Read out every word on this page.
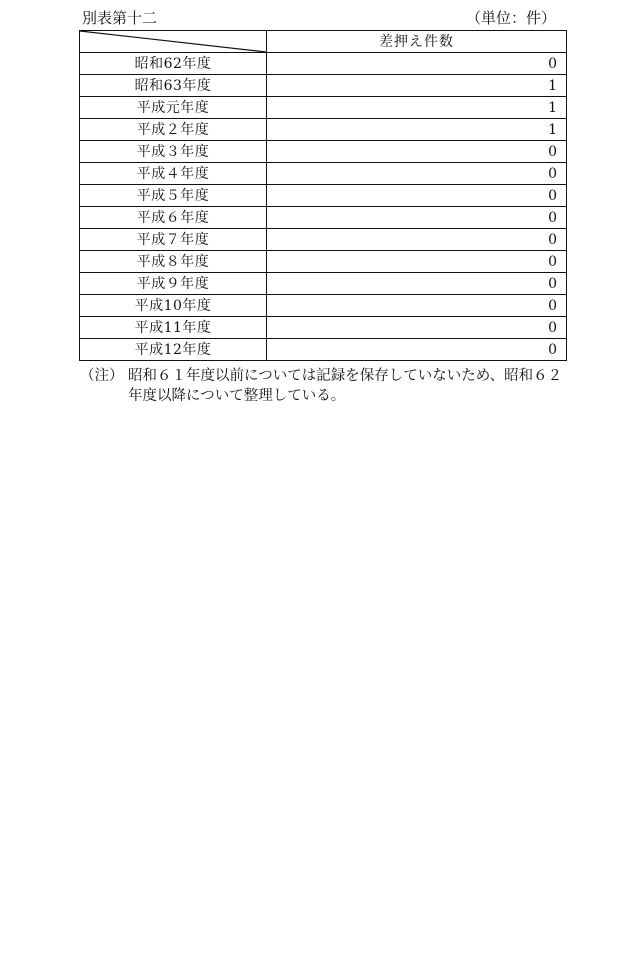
別表第十二	（単位：件）
	差押え件数
昭和62年度	0
昭和63年度	1
平成元年度	1
平成２年度	1
平成３年度	0
平成４年度	0
平成５年度	0
平成６年度	0
平成７年度	0
平成８年度	0
平成９年度	0
平成10年度	0
平成11年度	0
平成12年度	0
（注） 昭和６１年度以前については記録を保存していないため、昭和６２年度以降について整理している。
